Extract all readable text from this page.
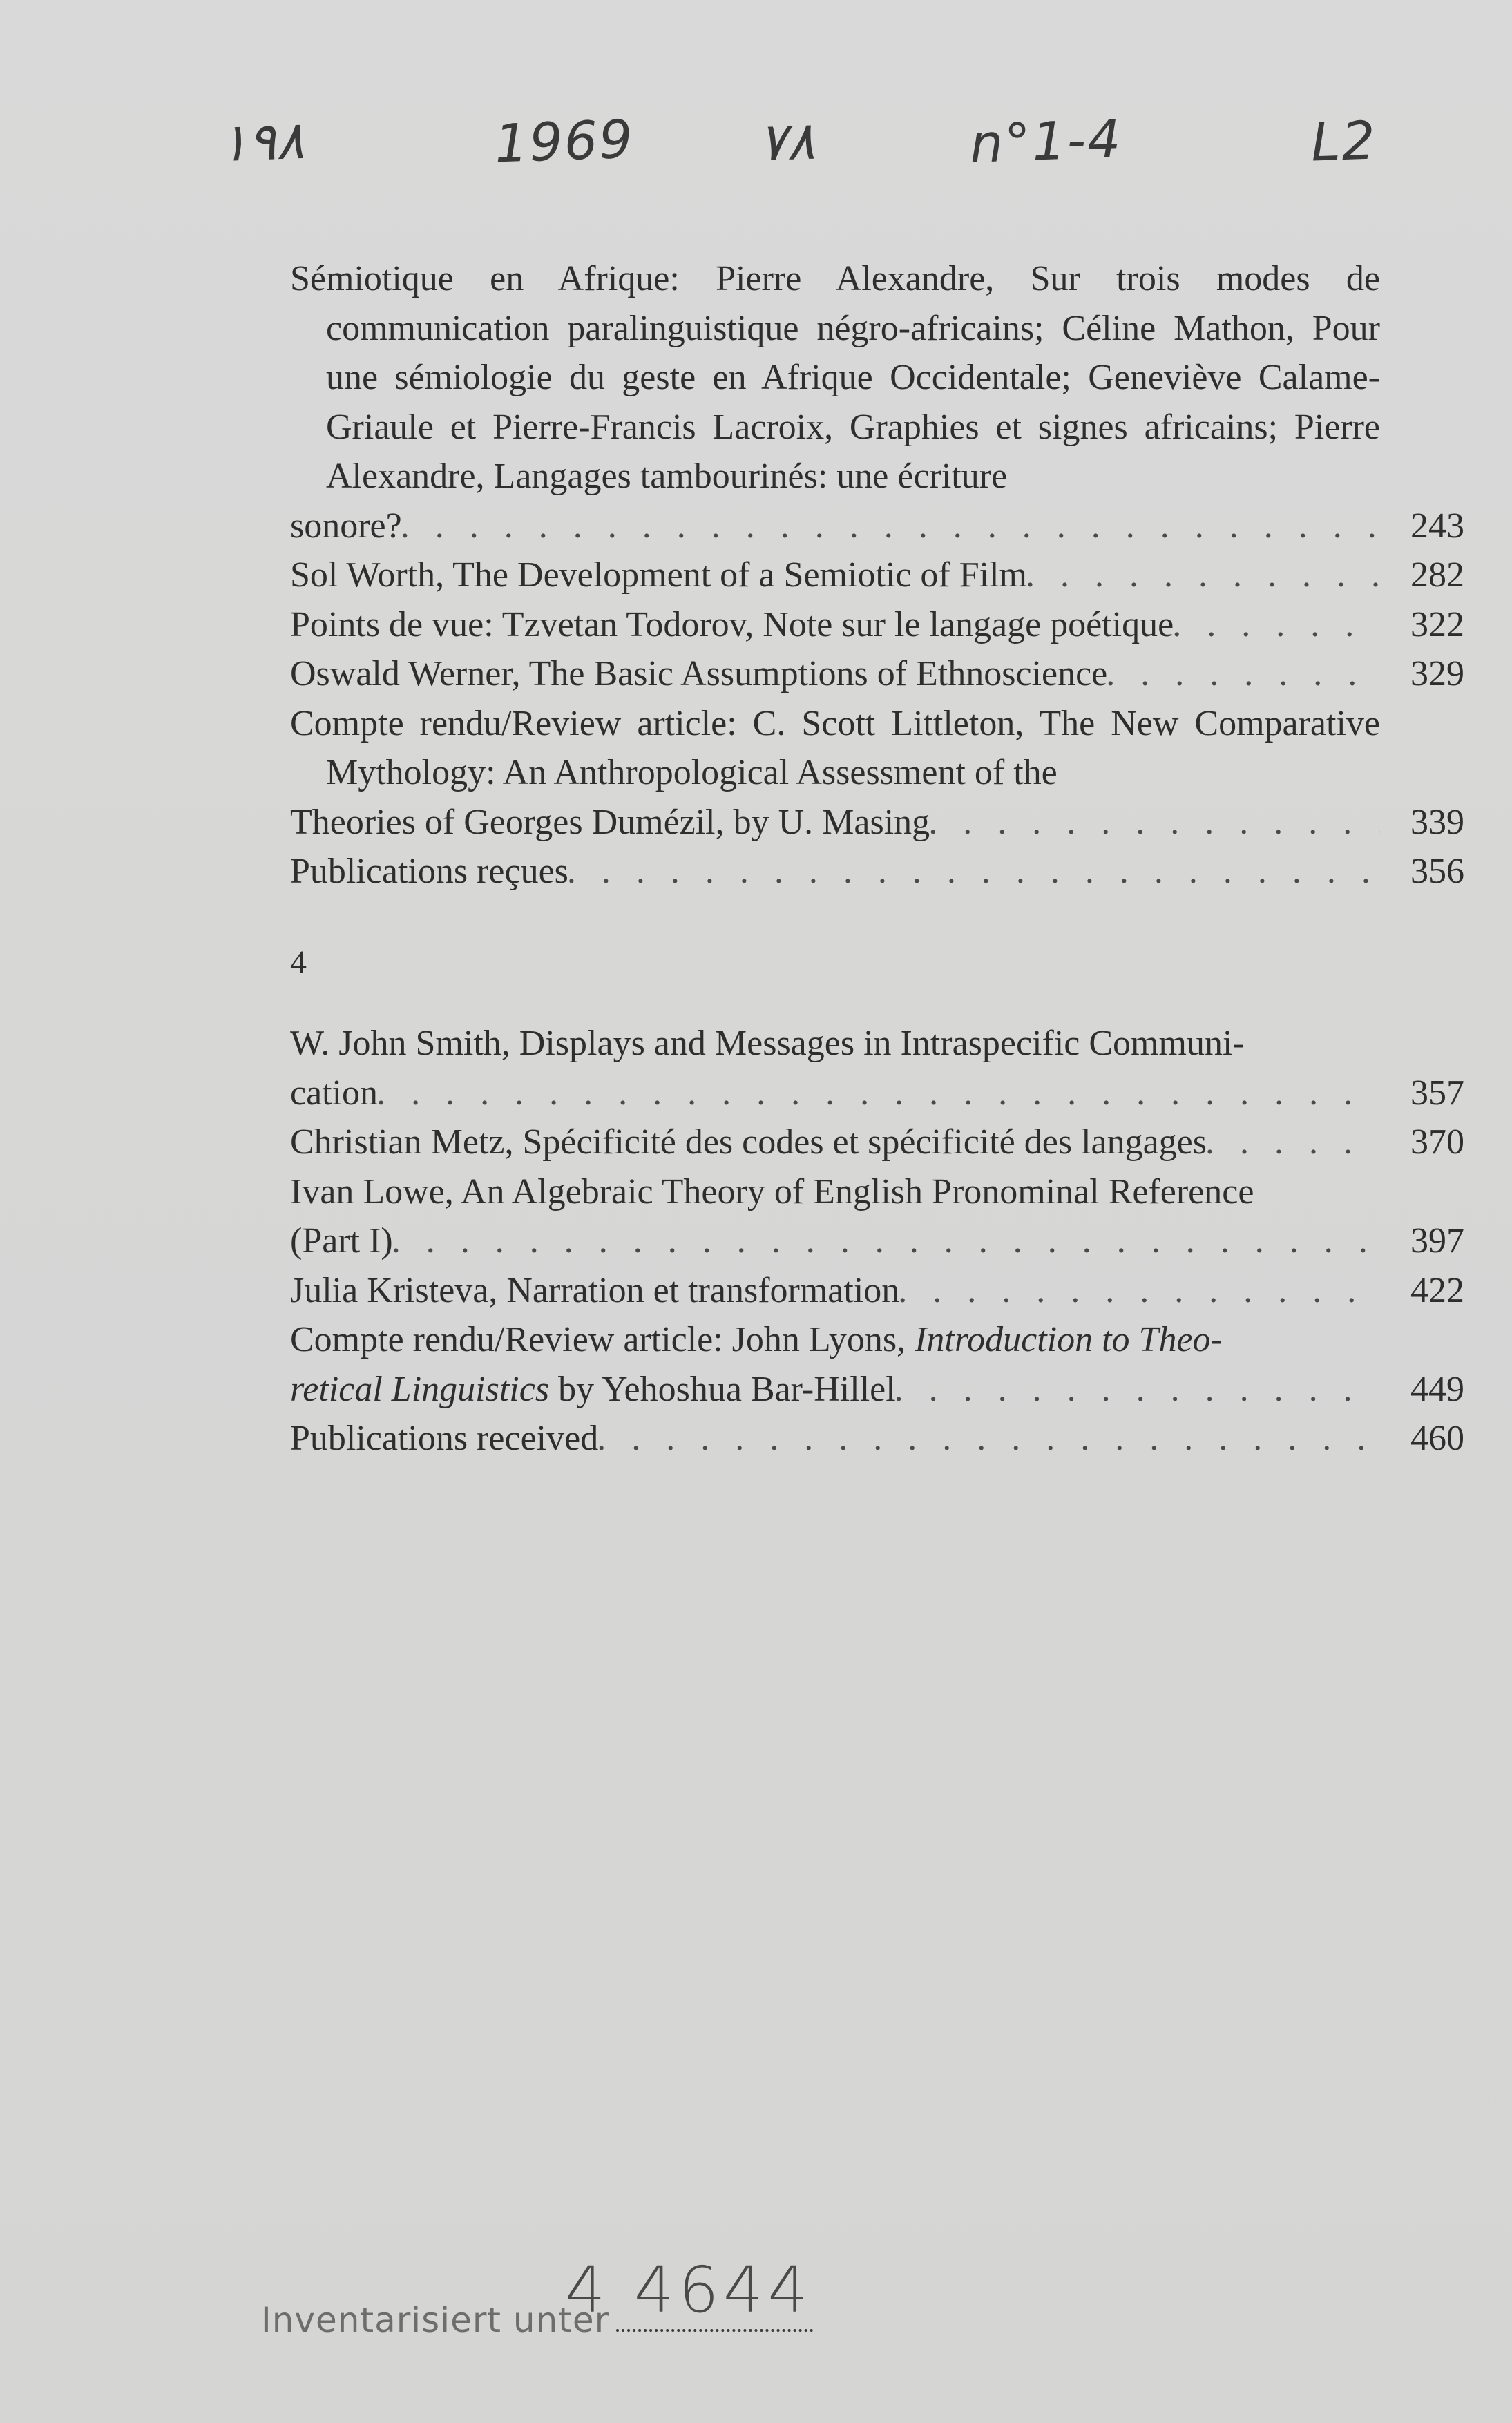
١٩٨	1969 ٧٨	n°1-4	L2
Sémiotique en Afrique: Pierre Alexandre, Sur trois modes de communication paralinguistique négro-africains; Céline Mathon, Pour une sémiologie du geste en Afrique Occidentale; Geneviève Calame-Griaule et Pierre-Francis Lacroix, Graphies et signes africains; Pierre Alexandre, Langages tambourinés: une écriture
sonore? . . .	243
Sol Worth, The Development of a Semiotic of Film . . .	282
Points de vue: Tzvetan Todorov, Note sur le langage poétique . . .	322
Oswald Werner, The Basic Assumptions of Ethnoscience . . .	329
Compte rendu/Review article: C. Scott Littleton, The New Comparative Mythology: An Anthropological Assessment of the
Theories of Georges Dumézil, by U. Masing . . .	339
Publications reçues . . .	356
4
W. John Smith, Displays and Messages in Intraspecific Communi-
cation . . .	357
Christian Metz, Spécificité des codes et spécificité des langages . . .	370
Ivan Lowe, An Algebraic Theory of English Pronominal Reference
(Part I) . . .	397
Julia Kristeva, Narration et transformation . . .	422
Compte rendu/Review article: John Lyons, Introduction to Theo-
retical Linguistics by Yehoshua Bar-Hillel . . .	449
Publications received . . .	460
Inventarisiert unter
4 4644
